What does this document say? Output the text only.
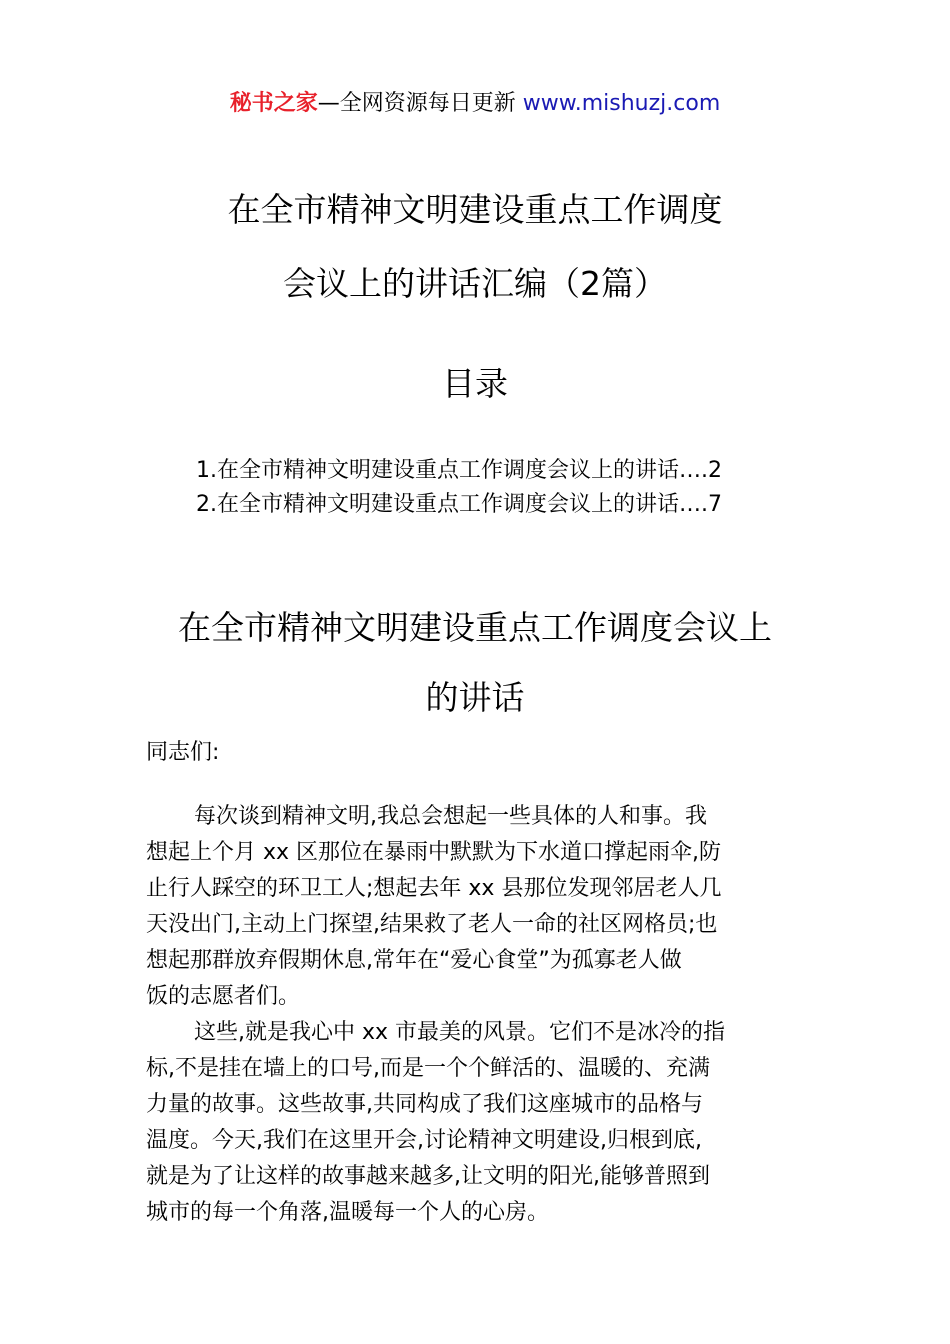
秘书之家—全网资源每日更新 www.mishuzj.com
在全市精神文明建设重点工作调度
会议上的讲话汇编（2篇）
目录
1.在全市精神文明建设重点工作调度会议上的讲话….2
2.在全市精神文明建设重点工作调度会议上的讲话….7
在全市精神文明建设重点工作调度会议上
的讲话
同志们:
每次谈到精神文明,我总会想起一些具体的人和事。我
想起上个月 xx 区那位在暴雨中默默为下水道口撑起雨伞,防
止行人踩空的环卫工人;想起去年 xx 县那位发现邻居老人几
天没出门,主动上门探望,结果救了老人一命的社区网格员;也
想起那群放弃假期休息,常年在“爱心食堂”为孤寡老人做
饭的志愿者们。
这些,就是我心中 xx 市最美的风景。它们不是冰冷的指
标,不是挂在墙上的口号,而是一个个鲜活的、温暖的、充满
力量的故事。这些故事,共同构成了我们这座城市的品格与
温度。今天,我们在这里开会,讨论精神文明建设,归根到底,
就是为了让这样的故事越来越多,让文明的阳光,能够普照到
城市的每一个角落,温暖每一个人的心房。
